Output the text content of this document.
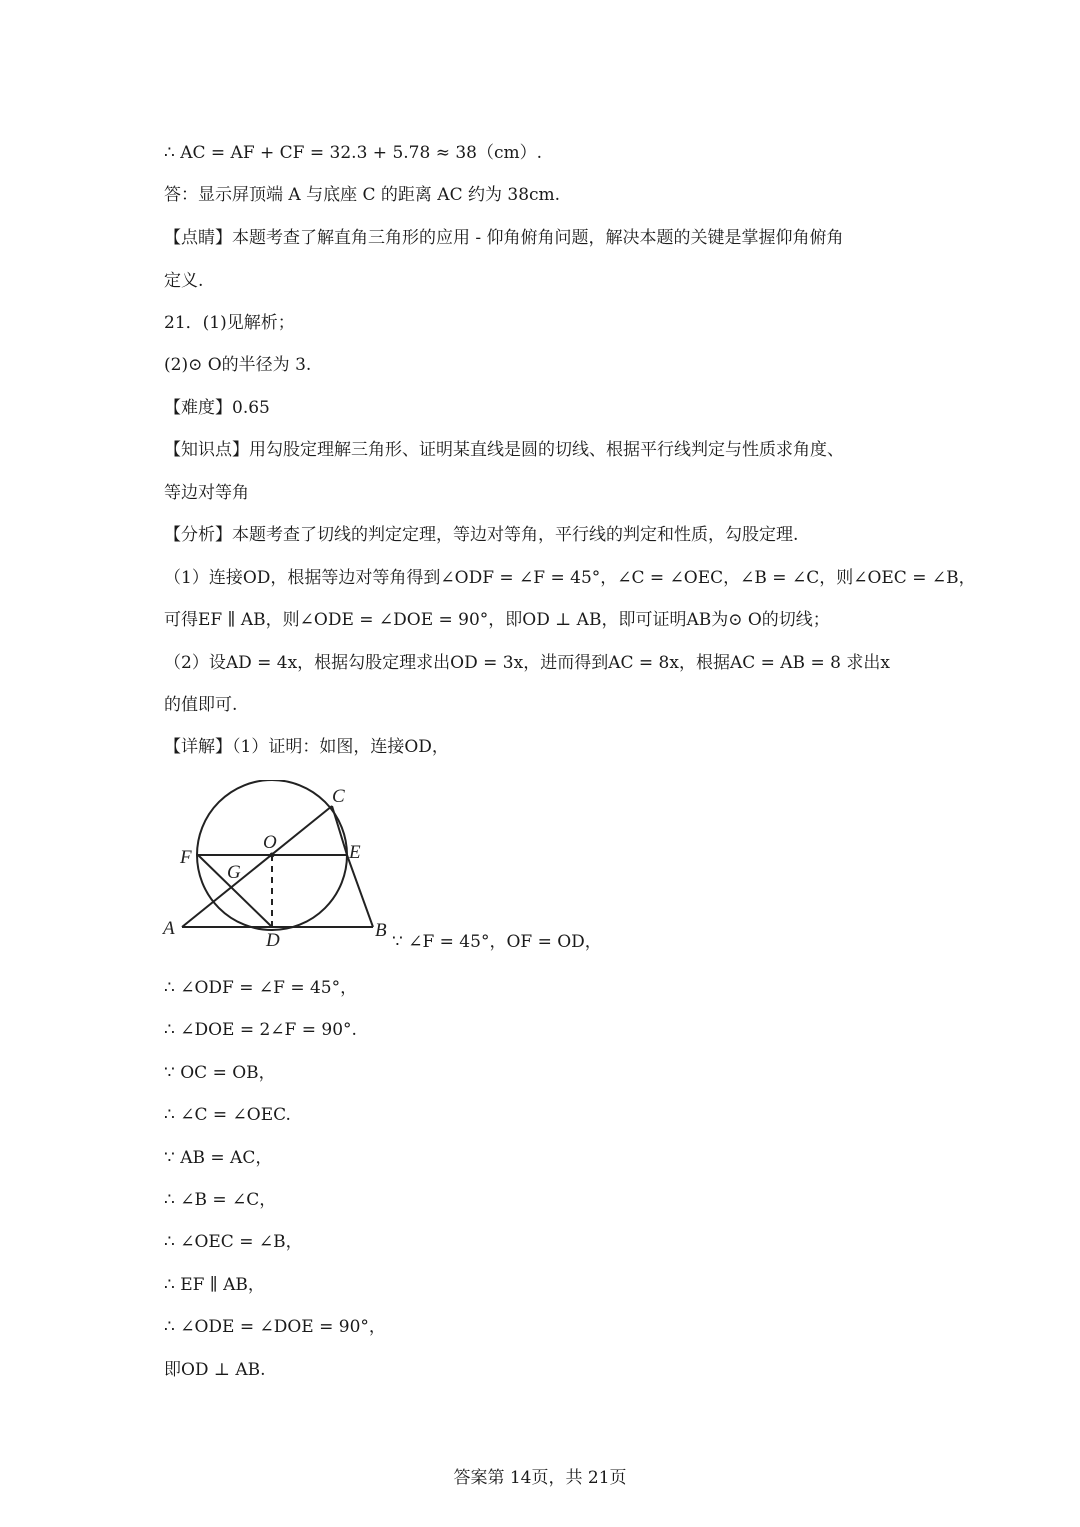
∴ AC = AF + CF = 32.3 + 5.78 ≈ 38（cm）.
答：显示屏顶端 A 与底座 C 的距离 AC 约为 38cm.
【点睛】本题考查了解直角三角形的应用 - 仰角俯角问题，解决本题的关键是掌握仰角俯角
定义.
21．(1)见解析；
(2)⊙ O的半径为 3.
【难度】0.65
【知识点】用勾股定理解三角形、证明某直线是圆的切线、根据平行线判定与性质求角度、
等边对等角
【分析】本题考查了切线的判定定理，等边对等角，平行线的判定和性质，勾股定理.
（1）连接OD，根据等边对等角得到∠ODF = ∠F = 45°，∠C = ∠OEC，∠B = ∠C，则∠OEC = ∠B，
可得EF ∥ AB，则∠ODE = ∠DOE = 90°，即OD ⊥ AB，即可证明AB为⊙ O的切线；
（2）设AD = 4x，根据勾股定理求出OD = 3x，进而得到AC = 8x，根据AC = AB = 8 求出x
的值即可.
【详解】（1）证明：如图，连接OD，
C
O	E
F
G
A
D	B
∵ ∠F = 45°，OF = OD，
∴ ∠ODF = ∠F = 45°，
∴ ∠DOE = 2∠F = 90°.
∵ OC = OB，
∴ ∠C = ∠OEC.
∵ AB = AC，
∴ ∠B = ∠C，
∴ ∠OEC = ∠B，
∴ EF ∥ AB，
∴ ∠ODE = ∠DOE = 90°，
即OD ⊥ AB.
答案第 14页，共 21页
